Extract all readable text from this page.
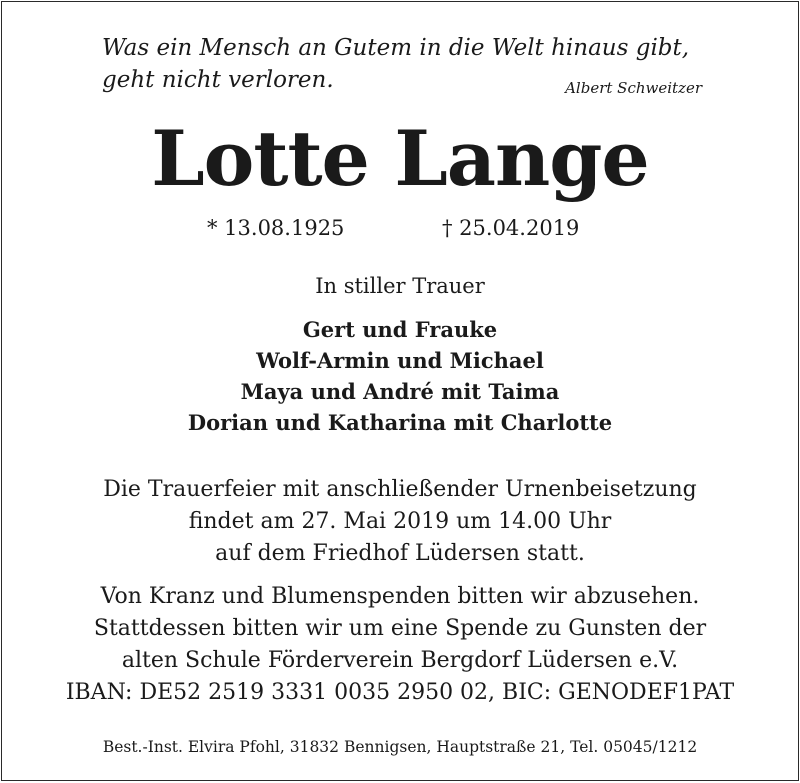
Was ein Mensch an Gutem in die Welt hinaus gibt,
geht nicht verloren.	Albert Schweitzer
Lotte Lange
* 13.08.1925	† 25.04.2019
In stiller Trauer
Gert und Frauke
Wolf-Armin und Michael
Maya und André mit Taima
Dorian und Katharina mit Charlotte
Die Trauerfeier mit anschließender Urnenbeisetzung
findet am 27. Mai 2019 um 14.00 Uhr
auf dem Friedhof Lüdersen statt.
Von Kranz und Blumenspenden bitten wir abzusehen.
Stattdessen bitten wir um eine Spende zu Gunsten der
alten Schule Förderverein Bergdorf Lüdersen e.V.
IBAN: DE52 2519 3331 0035 2950 02, BIC: GENODEF1PAT
Best.-Inst. Elvira Pfohl, 31832 Bennigsen, Hauptstraße 21, Tel. 05045/1212
